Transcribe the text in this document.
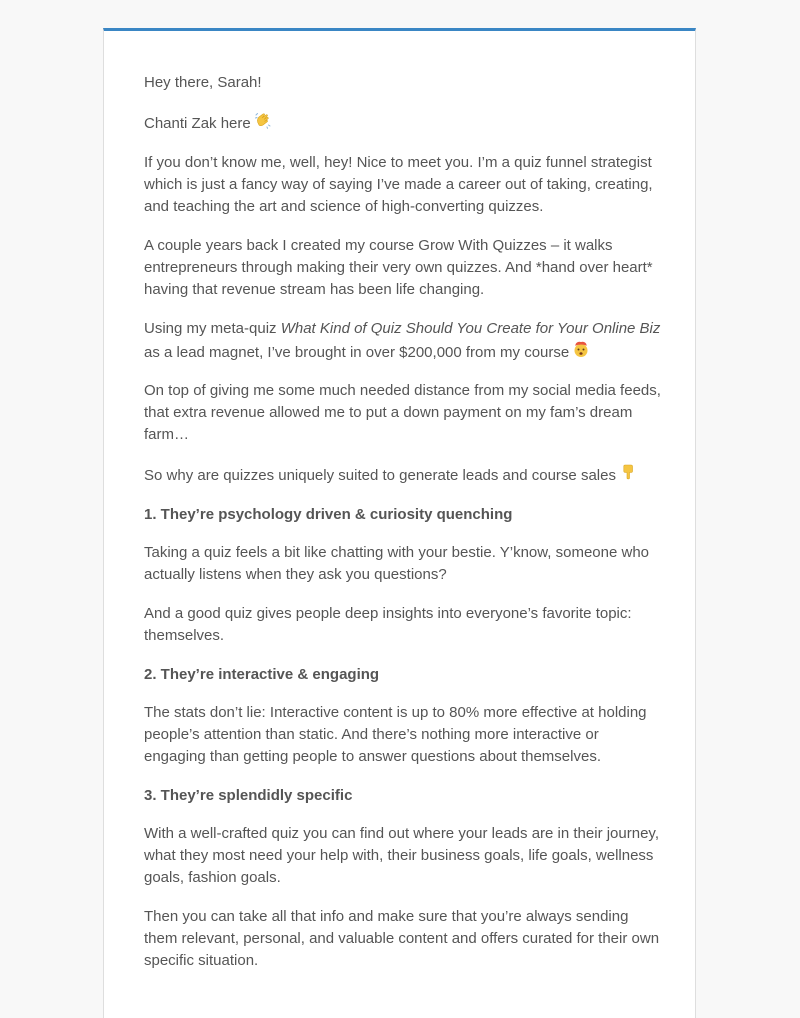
Hey there, Sarah!

Chanti Zak here

If you don’t know me, well, hey! Nice to meet you. I’m a quiz funnel strategist which is just a fancy way of saying I’ve made a career out of taking, creating, and teaching the art and science of high-converting quizzes.

A couple years back I created my course Grow With Quizzes – it walks entrepreneurs through making their very own quizzes. And *hand over heart* having that revenue stream has been life changing.

Using my meta-quiz What Kind of Quiz Should You Create for Your Online Biz as a lead magnet, I’ve brought in over $200,000 from my course

On top of giving me some much needed distance from my social media feeds, that extra revenue allowed me to put a down payment on my fam’s dream farm…

So why are quizzes uniquely suited to generate leads and course sales

1. They’re psychology driven & curiosity quenching

Taking a quiz feels a bit like chatting with your bestie. Y’know, someone who actually listens when they ask you questions?

And a good quiz gives people deep insights into everyone’s favorite topic: themselves.

2. They’re interactive & engaging

The stats don’t lie: Interactive content is up to 80% more effective at holding people’s attention than static. And there’s nothing more interactive or engaging than getting people to answer questions about themselves.

3. They’re splendidly specific

With a well-crafted quiz you can find out where your leads are in their journey, what they most need your help with, their business goals, life goals, wellness goals, fashion goals.

Then you can take all that info and make sure that you’re always sending them relevant, personal, and valuable content and offers curated for their own specific situation.
